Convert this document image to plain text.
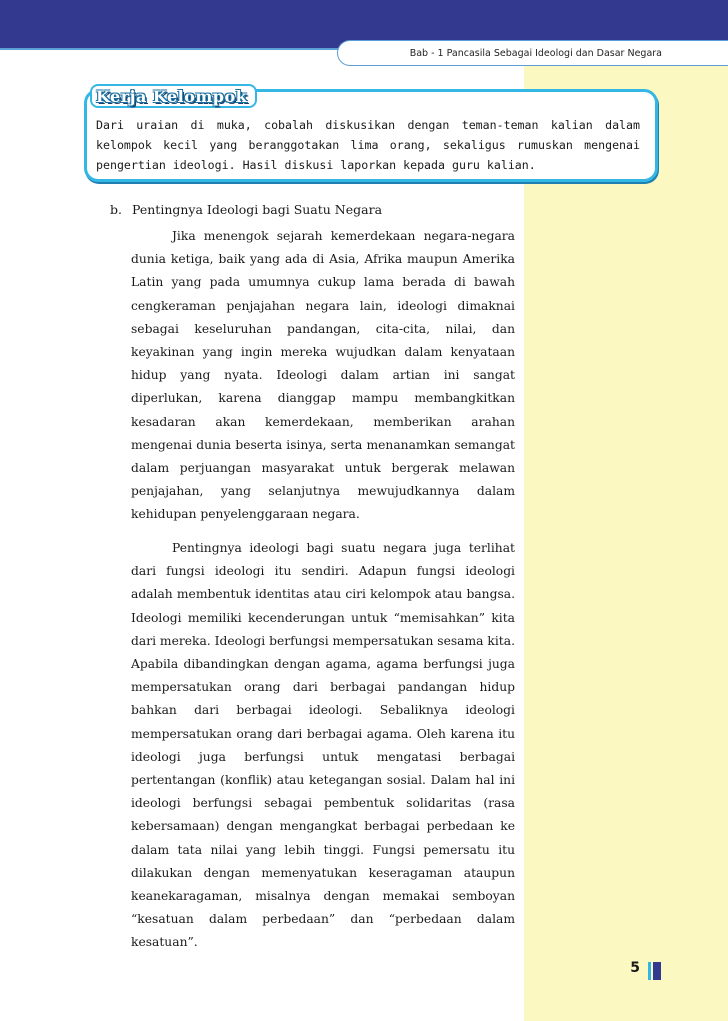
Bab - 1 Pancasila Sebagai Ideologi dan Dasar Negara
Kerja Kelompok
Dari uraian di muka, cobalah diskusikan dengan teman-teman kalian dalam kelompok kecil yang beranggotakan lima orang, sekaligus rumuskan mengenai pengertian ideologi. Hasil diskusi laporkan kepada guru kalian.
b. Pentingnya Ideologi bagi Suatu Negara

Jika menengok sejarah kemerdekaan negara-negara dunia ketiga, baik yang ada di Asia, Afrika maupun Amerika Latin yang pada umumnya cukup lama berada di bawah cengkeraman penjajahan negara lain, ideologi dimaknai sebagai keseluruhan pandangan, cita-cita, nilai, dan keyakinan yang ingin mereka wujudkan dalam kenyataan hidup yang nyata. Ideologi dalam artian ini sangat diperlukan, karena dianggap mampu membangkitkan kesadaran akan kemerdekaan, memberikan arahan mengenai dunia beserta isinya, serta menanamkan semangat dalam perjuangan masyarakat untuk bergerak melawan penjajahan, yang selanjutnya mewujudkannya dalam kehidupan penyelenggaraan negara.

Pentingnya ideologi bagi suatu negara juga terlihat dari fungsi ideologi itu sendiri. Adapun fungsi ideologi adalah membentuk identitas atau ciri kelompok atau bangsa. Ideologi memiliki kecenderungan untuk “memisahkan” kita dari mereka. Ideologi berfungsi mempersatukan sesama kita. Apabila dibandingkan dengan agama, agama berfungsi juga mempersatukan orang dari berbagai pandangan hidup bahkan dari berbagai ideologi. Sebaliknya ideologi mempersatukan orang dari berbagai agama. Oleh karena itu ideologi juga berfungsi untuk mengatasi berbagai pertentangan (konflik) atau ketegangan sosial. Dalam hal ini ideologi berfungsi sebagai pembentuk solidaritas (rasa kebersamaan) dengan mengangkat berbagai perbedaan ke dalam tata nilai yang lebih tinggi. Fungsi pemersatu itu dilakukan dengan memenyatukan keseragaman ataupun keanekaragaman, misalnya dengan memakai semboyan “kesatuan dalam perbedaan” dan “perbedaan dalam kesatuan”.

5
